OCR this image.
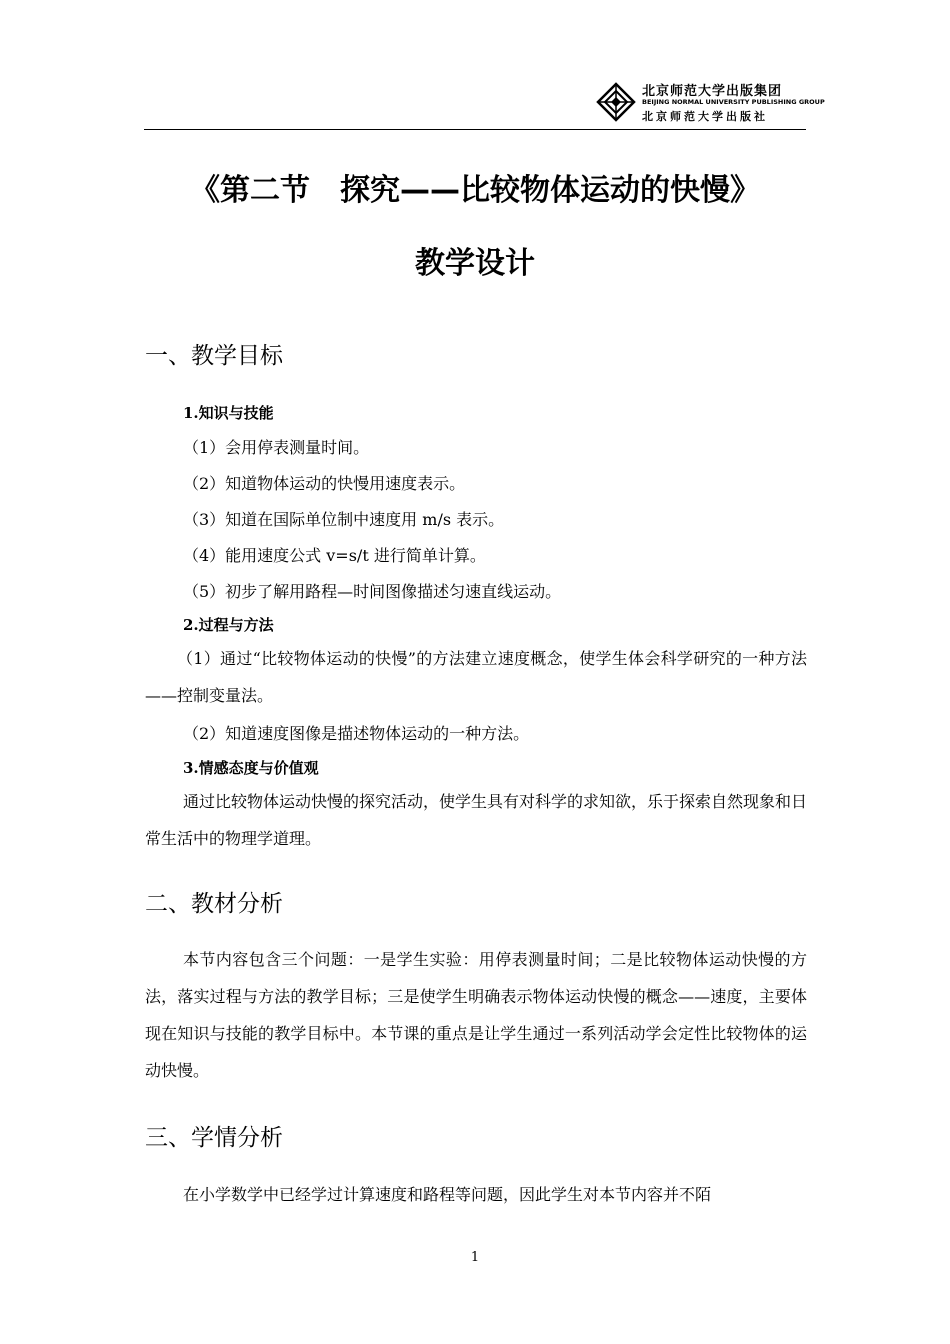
北京师范大学出版集团
BEIJING NORMAL UNIVERSITY PUBLISHING GROUP
北京师范大学出版社
《第二节　探究——比较物体运动的快慢》
教学设计
一、教学目标
1.知识与技能
（1）会用停表测量时间。
（2）知道物体运动的快慢用速度表示。
（3）知道在国际单位制中速度用 m/s 表示。
（4）能用速度公式 v=s/t 进行简单计算。
（5）初步了解用路程—时间图像描述匀速直线运动。
2.过程与方法
（1）通过“比较物体运动的快慢”的方法建立速度概念，使学生体会科学研究的一种方法——控制变量法。
（2）知道速度图像是描述物体运动的一种方法。
3.情感态度与价值观
通过比较物体运动快慢的探究活动，使学生具有对科学的求知欲，乐于探索自然现象和日常生活中的物理学道理。
二、教材分析
本节内容包含三个问题：一是学生实验：用停表测量时间；二是比较物体运动快慢的方法，落实过程与方法的教学目标；三是使学生明确表示物体运动快慢的概念——速度，主要体现在知识与技能的教学目标中。本节课的重点是让学生通过一系列活动学会定性比较物体的运动快慢。
三、学情分析
在小学数学中已经学过计算速度和路程等问题，因此学生对本节内容并不陌
1
